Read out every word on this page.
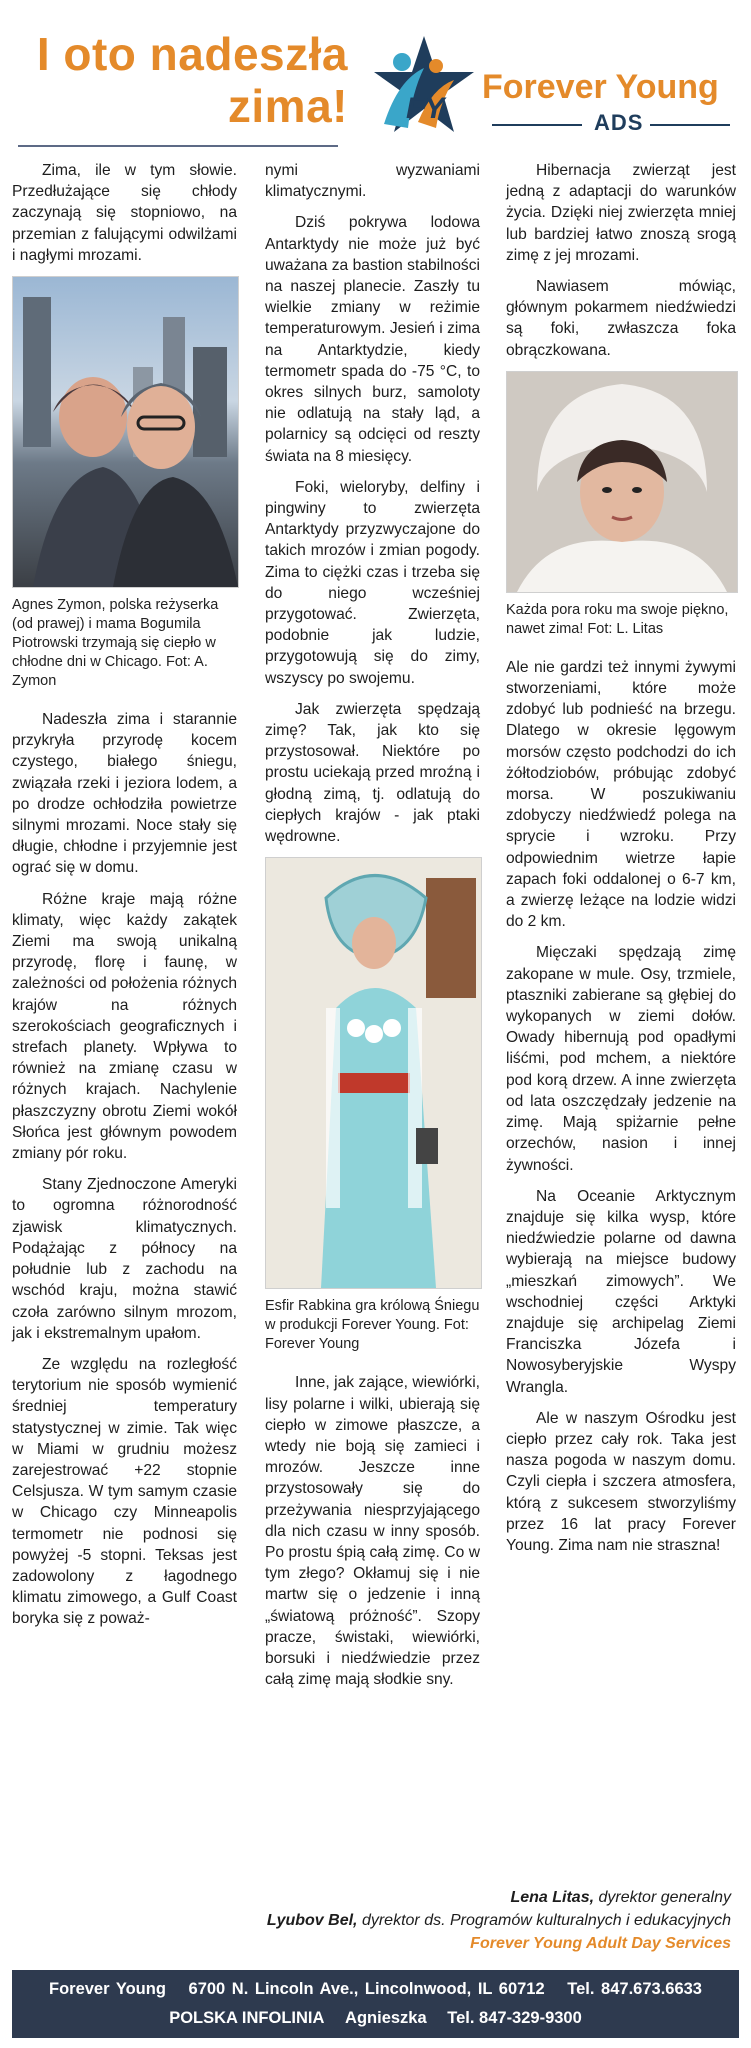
I oto nadeszła
zima! FY
Forever Young
ADS

Zima, ile w tym słowie. Przedłużające się chłody zaczynają się stopniowo, na przemian z falującymi odwilżami i nagłymi mrozami.

Agnes Zymon, polska reżyserka (od prawej) i mama Bogumila Piotrowski trzymają się ciepło w chłodne dni w Chicago. Fot: A. Zymon

Nadeszła zima i starannie przykryła przyrodę kocem czystego, białego śniegu, związała rzeki i jeziora lodem, a po drodze ochłodziła powietrze silnymi mrozami. Noce stały się długie, chłodne i przyjemnie jest ograć się w domu.

Różne kraje mają różne klimaty, więc każdy zakątek Ziemi ma swoją unikalną przyrodę, florę i faunę, w zależności od położenia różnych krajów na różnych szerokościach geograficznych i strefach planety. Wpływa to również na zmianę czasu w różnych krajach. Nachylenie płaszczyzny obrotu Ziemi wokół Słońca jest głównym powodem zmiany pór roku.

Stany Zjednoczone Ameryki to ogromna różnorodność zjawisk klimatycznych. Podążając z północy na południe lub z zachodu na wschód kraju, można stawić czoła zarówno silnym mrozom, jak i ekstremalnym upałom.

Ze względu na rozległość terytorium nie sposób wymienić średniej temperatury statystycznej w zimie. Tak więc w Miami w grudniu możesz zarejestrować +22 stopnie Celsjusza. W tym samym czasie w Chicago czy Minneapolis termometr nie podnosi się powyżej -5 stopni. Teksas jest zadowolony z łagodnego klimatu zimowego, a Gulf Coast boryka się z poważ-

nymi wyzwaniami klimatycznymi.

Dziś pokrywa lodowa Antarktydy nie może już być uważana za bastion stabilności na naszej planecie. Zaszły tu wielkie zmiany w reżimie temperaturowym. Jesień i zima na Antarktydzie, kiedy termometr spada do -75 °C, to okres silnych burz, samoloty nie odlatują na stały ląd, a polarnicy są odcięci od reszty świata na 8 miesięcy.

Foki, wieloryby, delfiny i pingwiny to zwierzęta Antarktydy przyzwyczajone do takich mrozów i zmian pogody. Zima to ciężki czas i trzeba się do niego wcześniej przygotować. Zwierzęta, podobnie jak ludzie, przygotowują się do zimy, wszyscy po swojemu.

Jak zwierzęta spędzają zimę? Tak, jak kto się przystosował. Niektóre po prostu uciekają przed mroźną i głodną zimą, tj. odlatują do ciepłych krajów - jak ptaki wędrowne.

Esfir Rabkina gra królową Śniegu w produkcji Forever Young. Fot: Forever Young

Inne, jak zające, wiewiórki, lisy polarne i wilki, ubierają się ciepło w zimowe płaszcze, a wtedy nie boją się zamieci i mrozów. Jeszcze inne przystosowały się do przeżywania niesprzyjającego dla nich czasu w inny sposób. Po prostu śpią całą zimę. Co w tym złego? Okłamuj się i nie martw się o jedzenie i inną „światową próżność”. Szopy pracze, świstaki, wiewiórki, borsuki i niedźwiedzie przez całą zimę mają słodkie sny.

Hibernacja zwierząt jest jedną z adaptacji do warunków życia. Dzięki niej zwierzęta mniej lub bardziej łatwo znoszą srogą zimę z jej mrozami.

Nawiasem mówiąc, głównym pokarmem niedźwiedzi są foki, zwłaszcza foka obrączkowana.

Każda pora roku ma swoje piękno, nawet zima! Fot: L. Litas

Ale nie gardzi też innymi żywymi stworzeniami, które może zdobyć lub podnieść na brzegu. Dlatego w okresie lęgowym morsów często podchodzi do ich żółtodziobów, próbując zdobyć morsa. W poszukiwaniu zdobyczy niedźwiedź polega na sprycie i wzroku. Przy odpowiednim wietrze łapie zapach foki oddalonej o 6-7 km, a zwierzę leżące na lodzie widzi do 2 km.

Mięczaki spędzają zimę zakopane w mule. Osy, trzmiele, ptaszniki zabierane są głębiej do wykopanych w ziemi dołów. Owady hibernują pod opadłymi liśćmi, pod mchem, a niektóre pod korą drzew. A inne zwierzęta od lata oszczędzały jedzenie na zimę. Mają spiżarnie pełne orzechów, nasion i innej żywności.

Na Oceanie Arktycznym znajduje się kilka wysp, które niedźwiedzie polarne od dawna wybierają na miejsce budowy „mieszkań zimowych”. We wschodniej części Arktyki znajduje się archipelag Ziemi Franciszka Józefa i Nowosyberyjskie Wyspy Wrangla.

Ale w naszym Ośrodku jest ciepło przez cały rok. Taka jest nasza pogoda w naszym domu. Czyli ciepła i szczera atmosfera, którą z sukcesem stworzyliśmy przez 16 lat pracy Forever Young. Zima nam nie straszna!

Lena Litas, dyrektor generalny
Lyubov Bel, dyrektor ds. Programów kulturalnych i edukacyjnych
Forever Young Adult Day Services
Forever Young 6700 N. Lincoln Ave., Lincolnwood, IL 60712 Tel. 847.673.6633
POLSKA INFOLINIA Agnieszka Tel. 847-329-9300
